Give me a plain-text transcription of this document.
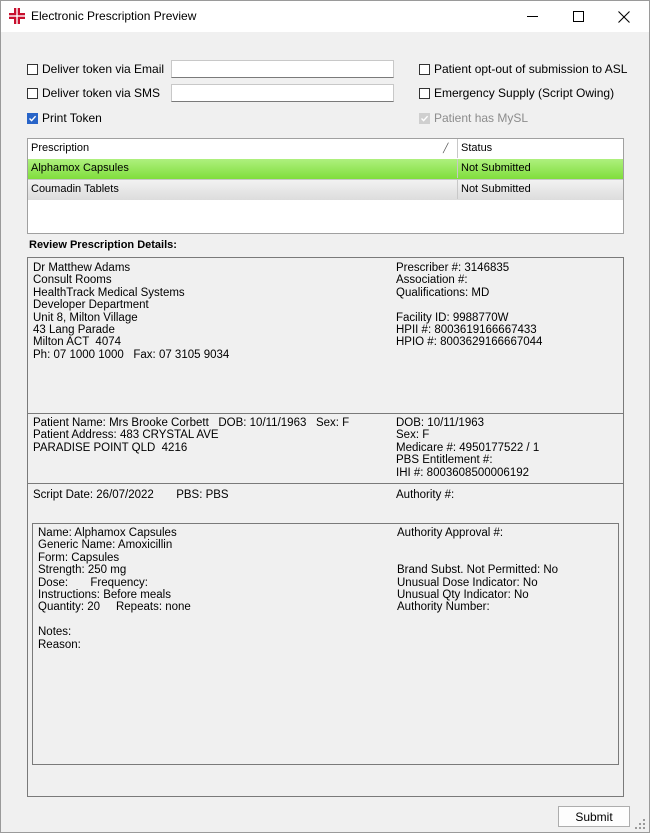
Electronic Prescription Preview
Deliver token via Email
Deliver token via SMS
Print Token
Patient opt-out of submission to ASL
Emergency Supply (Script Owing)
Patient has MySL
Prescription	╱ Status
Alphamox Capsules	Not Submitted
Coumadin Tablets	Not Submitted
Review Prescription Details:
Dr Matthew Adams
Consult Rooms
HealthTrack Medical Systems
Developer Department
Unit 8, Milton Village
43 Lang Parade
Milton ACT  4074
Ph: 07 1000 1000   Fax: 07 3105 9034
Prescriber #: 3146835
Association #:
Qualifications: MD

Facility ID: 9988770W
HPII #: 8003619166667433
HPIO #: 8003629166667044
Patient Name: Mrs Brooke Corbett   DOB: 10/11/1963   Sex: F
Patient Address: 483 CRYSTAL AVE
PARADISE POINT QLD  4216
DOB: 10/11/1963
Sex: F
Medicare #: 4950177522 / 1
PBS Entitlement #:
IHI #: 8003608500006192
Script Date: 26/07/2022       PBS: PBS	Authority #:
Name: Alphamox Capsules
Generic Name: Amoxicillin
Form: Capsules
Strength: 250 mg
Dose:       Frequency:
Instructions: Before meals
Quantity: 20     Repeats: none

Notes:
Reason:
Authority Approval #:

Brand Subst. Not Permitted: No
Unusual Dose Indicator: No
Unusual Qty Indicator: No
Authority Number:
Submit
